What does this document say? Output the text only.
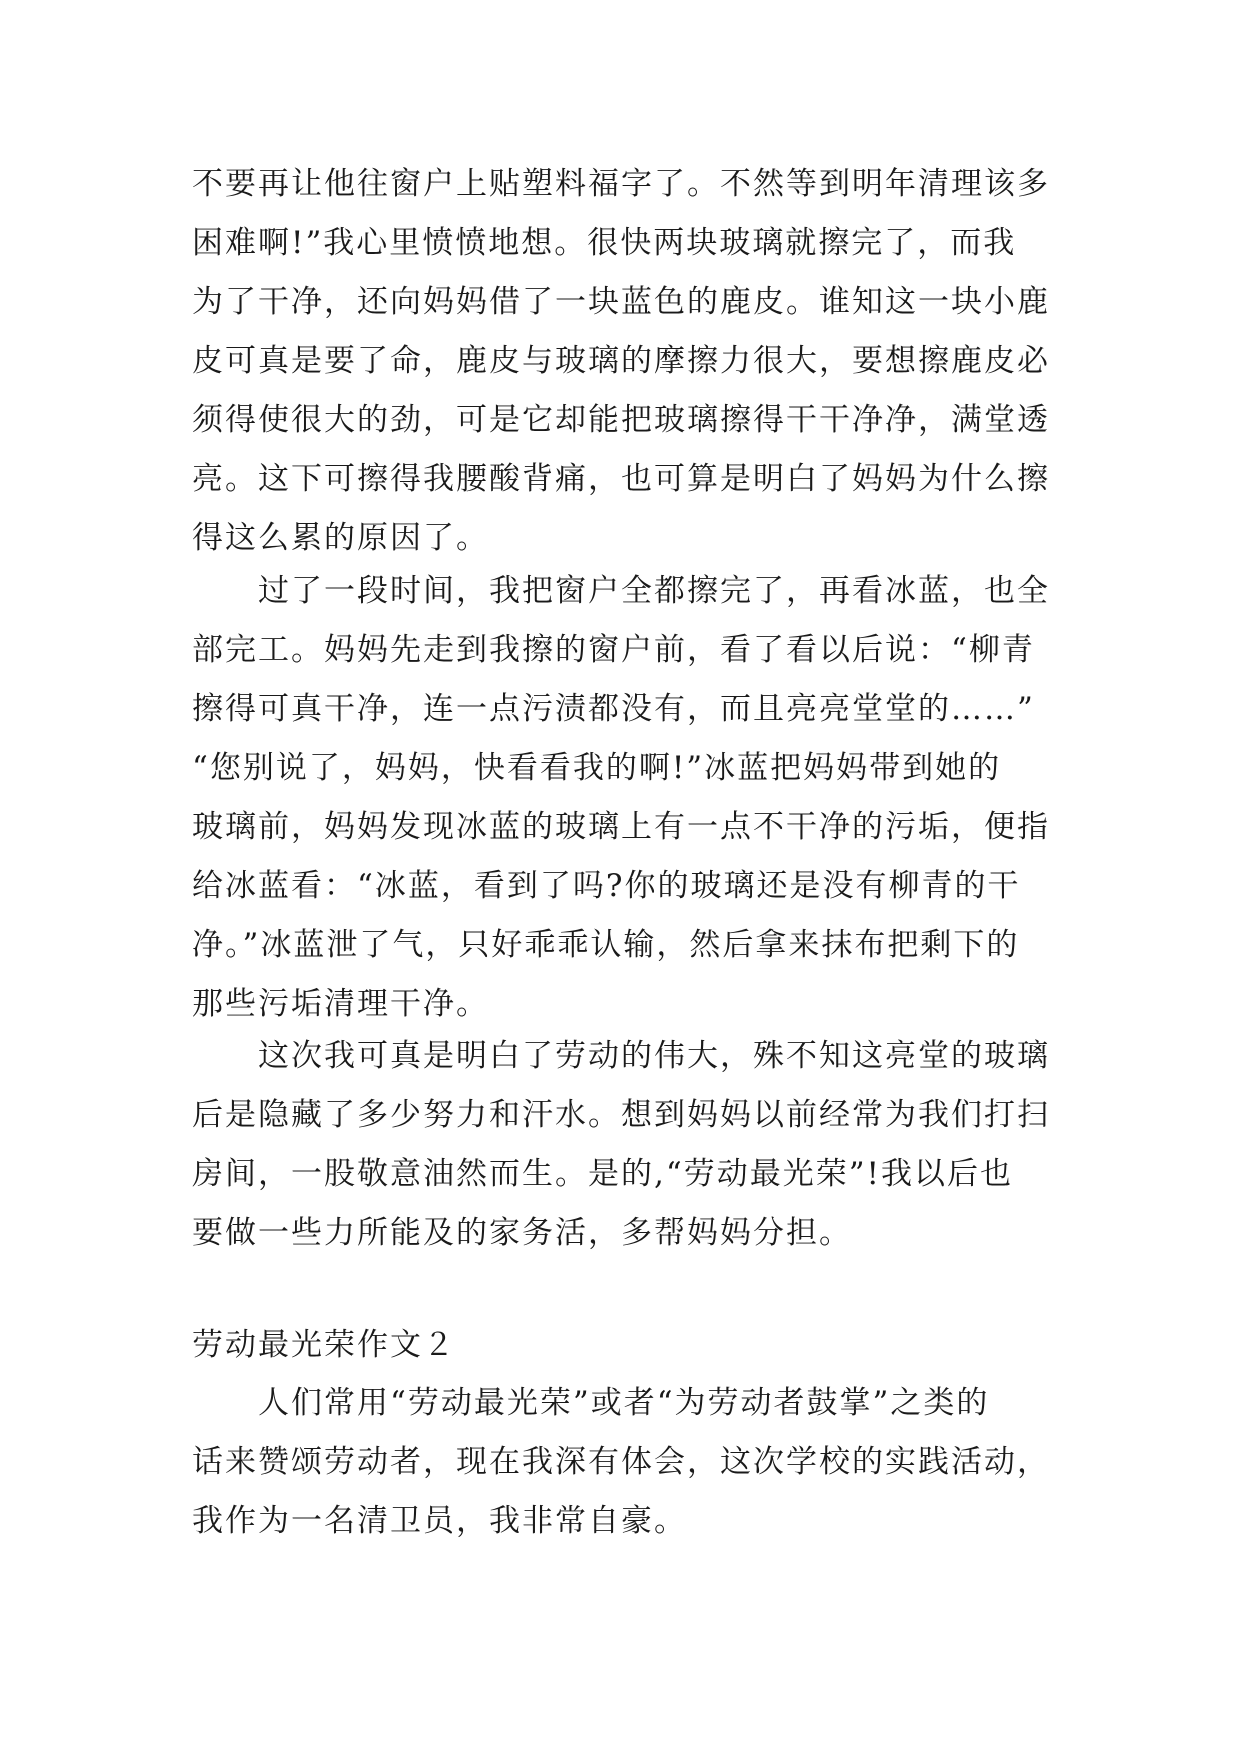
不要再让他往窗户上贴塑料福字了。不然等到明年清理该多
困难啊!”我心里愤愤地想。很快两块玻璃就擦完了，而我
为了干净，还向妈妈借了一块蓝色的鹿皮。谁知这一块小鹿
皮可真是要了命，鹿皮与玻璃的摩擦力很大，要想擦鹿皮必
须得使很大的劲，可是它却能把玻璃擦得干干净净，满堂透
亮。这下可擦得我腰酸背痛，也可算是明白了妈妈为什么擦
得这么累的原因了。
　　过了一段时间，我把窗户全都擦完了，再看冰蓝，也全
部完工。妈妈先走到我擦的窗户前，看了看以后说：“柳青
擦得可真干净，连一点污渍都没有，而且亮亮堂堂的……”
“您别说了，妈妈，快看看我的啊!”冰蓝把妈妈带到她的
玻璃前，妈妈发现冰蓝的玻璃上有一点不干净的污垢，便指
给冰蓝看：“冰蓝，看到了吗?你的玻璃还是没有柳青的干
净。”冰蓝泄了气，只好乖乖认输，然后拿来抹布把剩下的
那些污垢清理干净。
　　这次我可真是明白了劳动的伟大，殊不知这亮堂的玻璃
后是隐藏了多少努力和汗水。想到妈妈以前经常为我们打扫
房间，一股敬意油然而生。是的,“劳动最光荣”!我以后也
要做一些力所能及的家务活，多帮妈妈分担。
劳动最光荣作文２
　　人们常用“劳动最光荣”或者“为劳动者鼓掌”之类的
话来赞颂劳动者，现在我深有体会，这次学校的实践活动，
我作为一名清卫员，我非常自豪。
